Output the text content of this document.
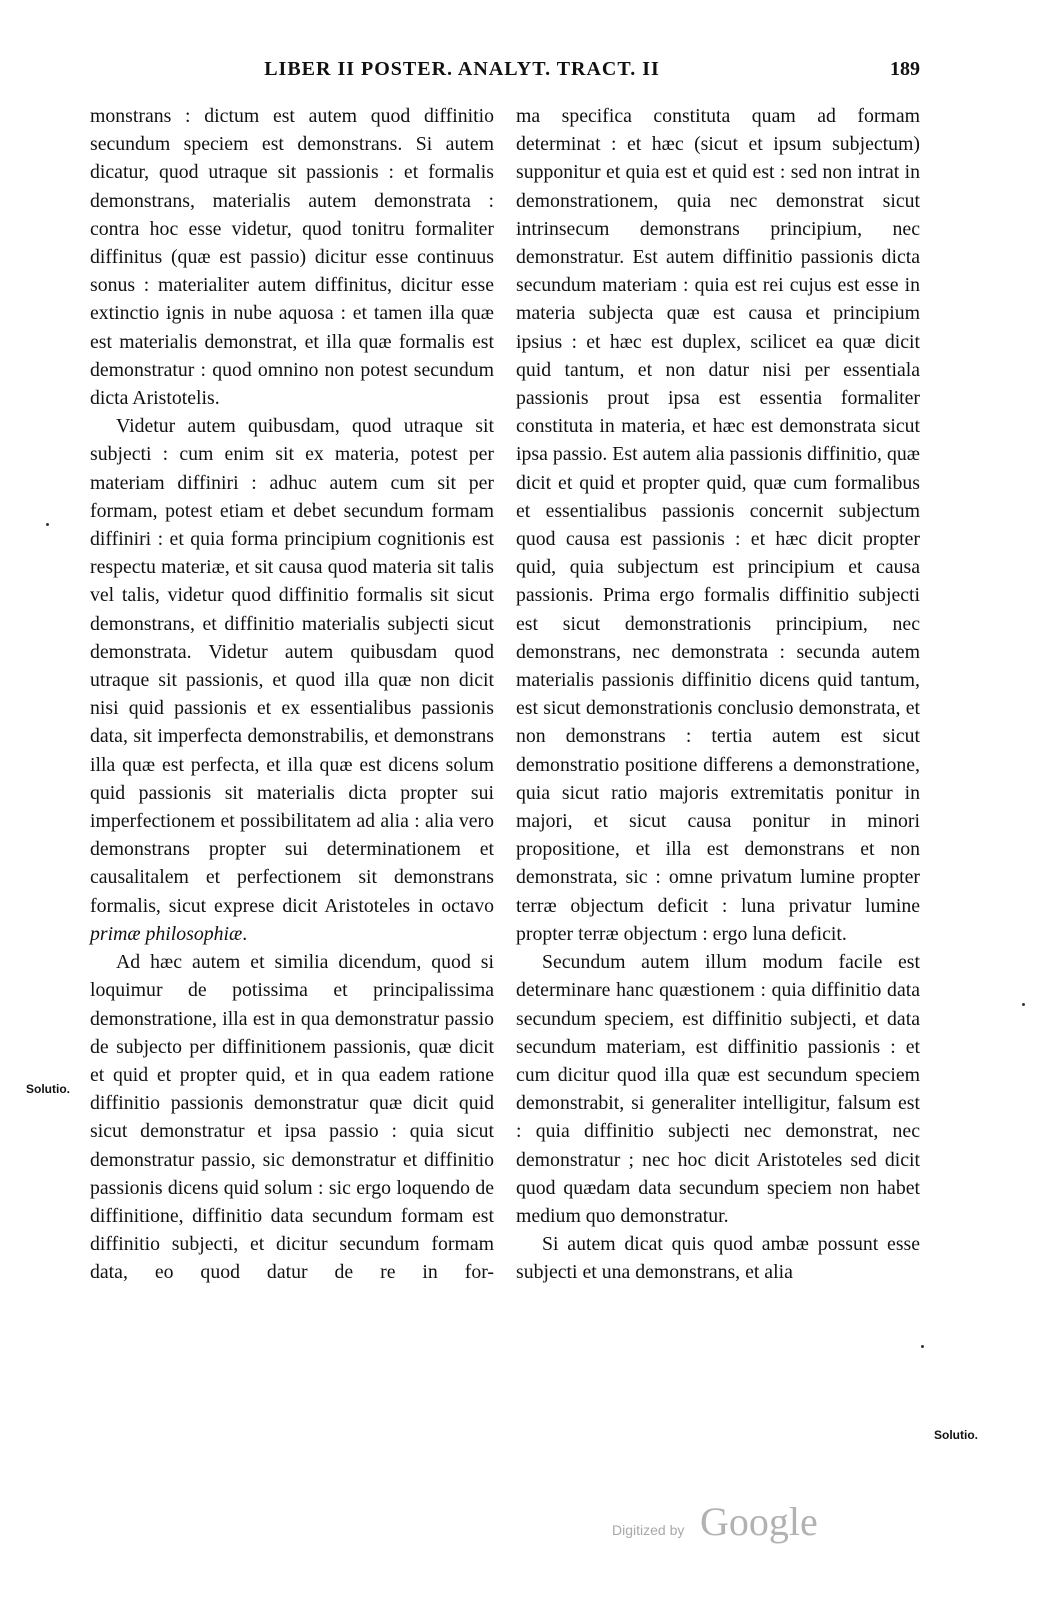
LIBER II POSTER. ANALYT. TRACT. II	189

monstrans : dictum est autem quod diffinitio secundum speciem est demonstrans. Si autem dicatur, quod utraque sit passionis : et formalis demonstrans, materialis autem demonstrata : contra hoc esse videtur, quod tonitru formaliter diffinitus (quæ est passio) dicitur esse continuus sonus : materialiter autem diffinitus, dicitur esse extinctio ignis in nube aquosa : et tamen illa quæ est materialis demonstrat, et illa quæ formalis est demonstratur : quod omnino non potest secundum dicta Aristotelis.

Videtur autem quibusdam, quod utraque sit subjecti : cum enim sit ex materia, potest per materiam diffiniri : adhuc autem cum sit per formam, potest etiam et debet secundum formam diffiniri : et quia forma principium cognitionis est respectu materiæ, et sit causa quod materia sit talis vel talis, videtur quod diffinitio formalis sit sicut demonstrans, et diffinitio materialis subjecti sicut demonstrata. Videtur autem quibusdam quod utraque sit passionis, et quod illa quæ non dicit nisi quid passionis et ex essentialibus passionis data, sit imperfecta demonstrabilis, et demonstrans illa quæ est perfecta, et illa quæ est dicens solum quid passionis sit materialis dicta propter sui imperfectionem et possibilitatem ad alia : alia vero demonstrans propter sui determinationem et causalitalem et perfectionem sit demonstrans formalis, sicut exprese dicit Aristoteles in octavo primæ philosophiæ.

Ad hæc autem et similia dicendum, quod si loquimur de potissima et principalissima demonstratione, illa est in qua demonstratur passio de subjecto per diffinitionem passionis, quæ dicit et quid et propter quid, et in qua eadem ratione diffinitio passionis demonstratur quæ dicit quid sicut demonstratur et ipsa passio : quia sicut demonstratur passio, sic demonstratur et diffinitio passionis dicens quid solum : sic ergo loquendo de diffinitione, diffinitio data secundum formam est diffinitio subjecti, et dicitur secundum formam data, eo quod datur de re in for-

ma specifica constituta quam ad formam determinat : et hæc (sicut et ipsum subjectum) supponitur et quia est et quid est : sed non intrat in demonstrationem, quia nec demonstrat sicut intrinsecum demonstrans principium, nec demonstratur. Est autem diffinitio passionis dicta secundum materiam : quia est rei cujus est esse in materia subjecta quæ est causa et principium ipsius : et hæc est duplex, scilicet ea quæ dicit quid tantum, et non datur nisi per essentiala passionis prout ipsa est essentia formaliter constituta in materia, et hæc est demonstrata sicut ipsa passio. Est autem alia passionis diffinitio, quæ dicit et quid et propter quid, quæ cum formalibus et essentialibus passionis concernit subjectum quod causa est passionis : et hæc dicit propter quid, quia subjectum est principium et causa passionis. Prima ergo formalis diffinitio subjecti est sicut demonstrationis principium, nec demonstrans, nec demonstrata : secunda autem materialis passionis diffinitio dicens quid tantum, est sicut demonstrationis conclusio demonstrata, et non demonstrans : tertia autem est sicut demonstratio positione differens a demonstratione, quia sicut ratio majoris extremitatis ponitur in majori, et sicut causa ponitur in minori propositione, et illa est demonstrans et non demonstrata, sic : omne privatum lumine propter terræ objectum deficit : luna privatur lumine propter terræ objectum : ergo luna deficit.

Secundum autem illum modum facile est determinare hanc quæstionem : quia diffinitio data secundum speciem, est diffinitio subjecti, et data secundum materiam, est diffinitio passionis : et cum dicitur quod illa quæ est secundum speciem demonstrabit, si generaliter intelligitur, falsum est : quia diffinitio subjecti nec demonstrat, nec demonstratur ; nec hoc dicit Aristoteles sed dicit quod quædam data secundum speciem non habet medium quo demonstratur.

Si autem dicat quis quod ambæ possunt esse subjecti et una demonstrans, et alia

Solutio.
Solutio.
Digitized by Google
